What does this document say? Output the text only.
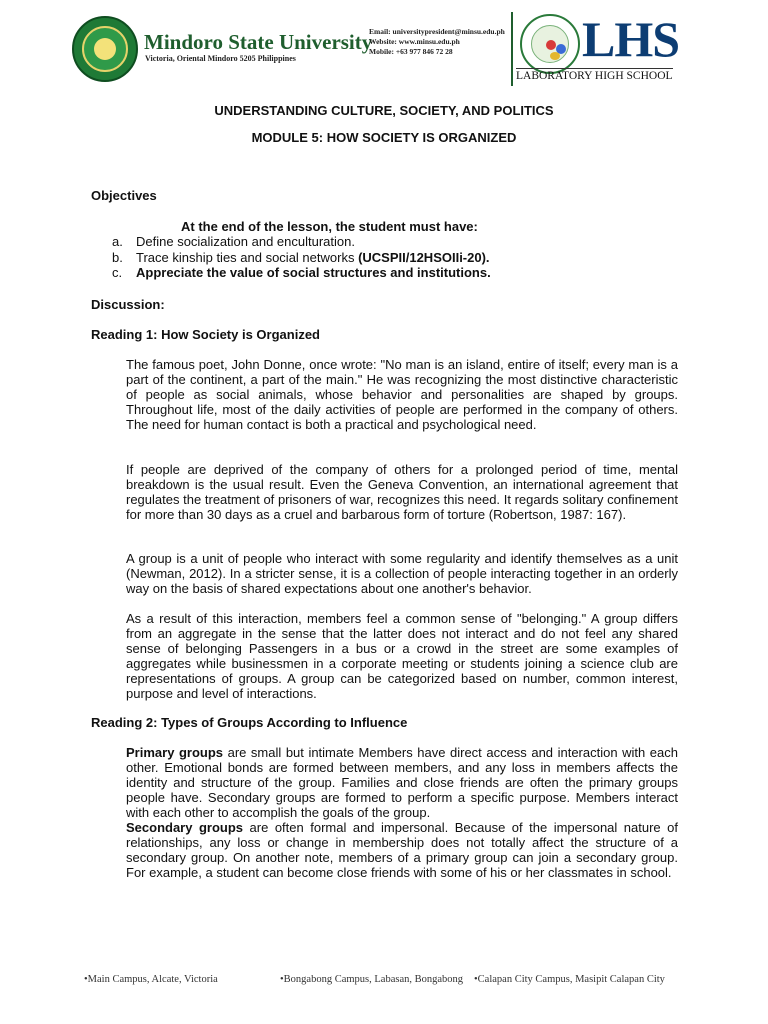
Mindoro State University
Victoria, Oriental Mindoro 5205 Philippines
Email: universitypresident@minsu.edu.ph
Website: www.minsu.edu.ph
Mobile: +63 977 846 72 28	LHS
LABORATORY HIGH SCHOOL
UNDERSTANDING CULTURE, SOCIETY, AND POLITICS
MODULE 5: HOW SOCIETY IS ORGANIZED
Objectives
At the end of the lesson, the student must have:
a. Define socialization and enculturation.
b. Trace kinship ties and social networks (UCSPII/12HSOIIi-20).
c. Appreciate the value of social structures and institutions.
Discussion:
Reading 1: How Society is Organized

The famous poet, John Donne, once wrote: "No man is an island, entire of itself; every man is a part of the continent, a part of the main." He was recognizing the most distinctive characteristic of people as social animals, whose behavior and personalities are shaped by groups. Throughout life, most of the daily activities of people are performed in the company of others. The need for human contact is both a practical and psychological need.

If people are deprived of the company of others for a prolonged period of time, mental breakdown is the usual result. Even the Geneva Convention, an international agreement that regulates the treatment of prisoners of war, recognizes this need. It regards solitary confinement for more than 30 days as a cruel and barbarous form of torture (Robertson, 1987: 167).

A group is a unit of people who interact with some regularity and identify themselves as a unit (Newman, 2012). In a stricter sense, it is a collection of people interacting together in an orderly way on the basis of shared expectations about one another's behavior.

As a result of this interaction, members feel a common sense of "belonging." A group differs from an aggregate in the sense that the latter does not interact and do not feel any shared sense of belonging Passengers in a bus or a crowd in the street are some examples of aggregates while businessmen in a corporate meeting or students joining a science club are representations of groups. A group can be categorized based on number, common interest, purpose and level of interactions.

Reading 2: Types of Groups According to Influence

Primary groups are small but intimate Members have direct access and interaction with each other. Emotional bonds are formed between members, and any loss in members affects the identity and structure of the group. Families and close friends are often the primary groups people have. Secondary groups are formed to perform a specific purpose. Members interact with each other to accomplish the goals of the group.
Secondary groups are often formal and impersonal. Because of the impersonal nature of relationships, any loss or change in membership does not totally affect the structure of a secondary group. On another note, members of a primary group can join a secondary group. For example, a student can become close friends with some of his or her classmates in school.

•Main Campus, Alcate, Victoria	•Bongabong Campus, Labasan, Bongabong •Calapan City Campus, Masipit Calapan City
